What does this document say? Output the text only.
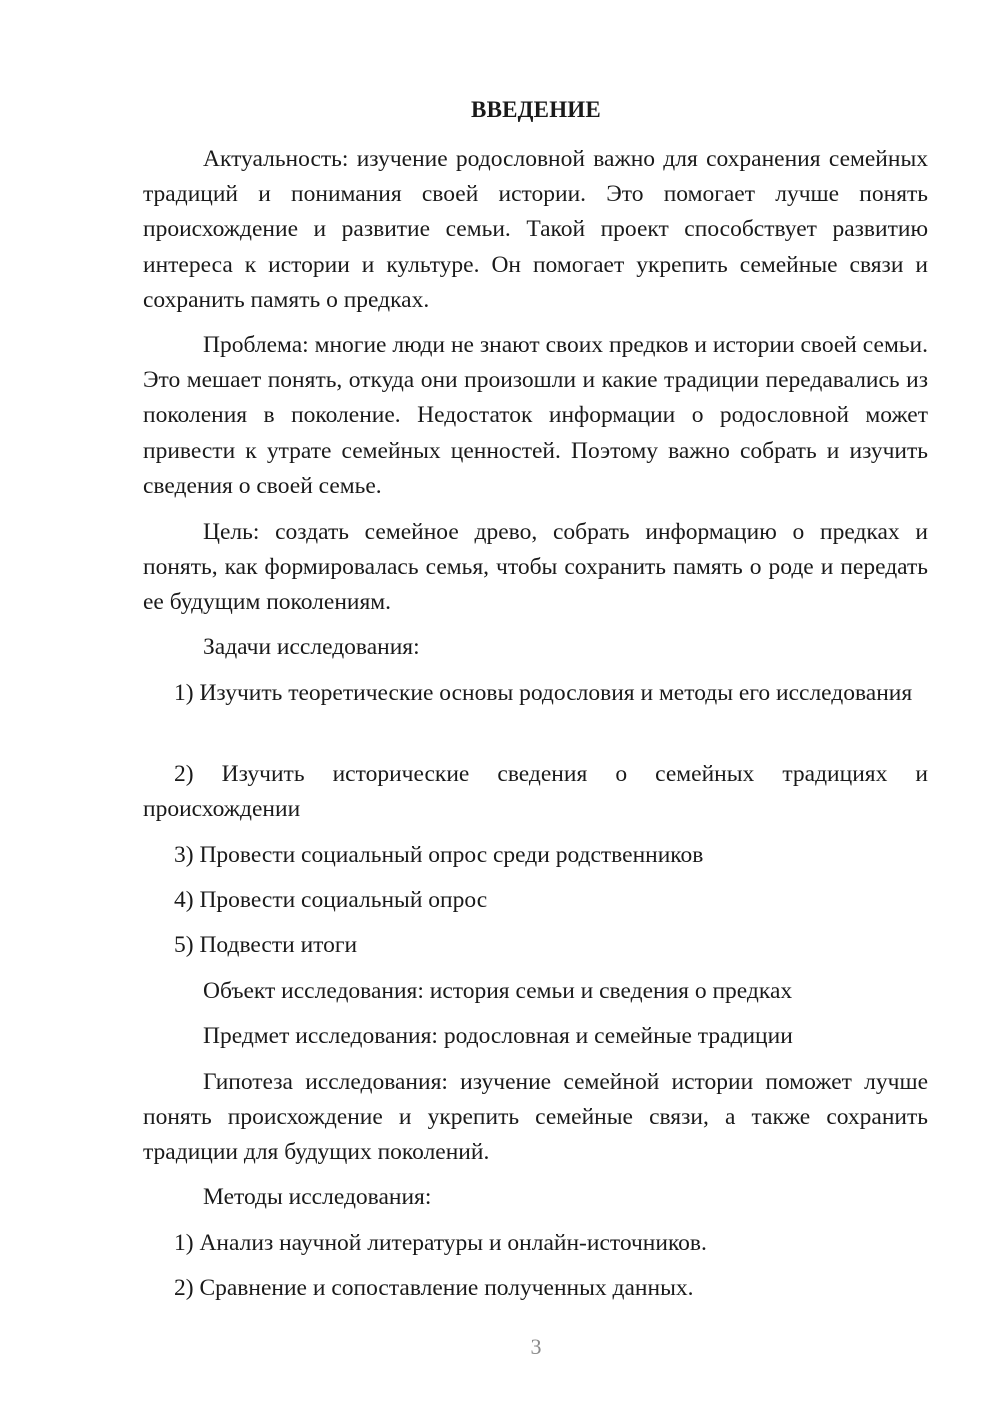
ВВЕДЕНИЕ

Актуальность: изучение родословной важно для сохранения семейных традиций и понимания своей истории. Это помогает лучше понять происхождение и развитие семьи. Такой проект способствует развитию интереса к истории и культуре. Он помогает укрепить семейные связи и сохранить память о предках.

Проблема: многие люди не знают своих предков и истории своей семьи. Это мешает понять, откуда они произошли и какие традиции передавались из поколения в поколение. Недостаток информации о родословной может привести к утрате семейных ценностей. Поэтому важно собрать и изучить сведения о своей семье.

Цель: создать семейное древо, собрать информацию о предках и понять, как формировалась семья, чтобы сохранить память о роде и передать ее будущим поколениям.

Задачи исследования:

1) Изучить теоретические основы родословия и методы его исследования

2) Изучить исторические сведения о семейных традициях и происхождении

3) Провести социальный опрос среди родственников

4) Провести социальный опрос

5) Подвести итоги

Объект исследования: история семьи и сведения о предках

Предмет исследования: родословная и семейные традиции

Гипотеза исследования: изучение семейной истории поможет лучше понять происхождение и укрепить семейные связи, а также сохранить традиции для будущих поколений.

Методы исследования:

1) Анализ научной литературы и онлайн-источников.

2) Сравнение и сопоставление полученных данных.

3
